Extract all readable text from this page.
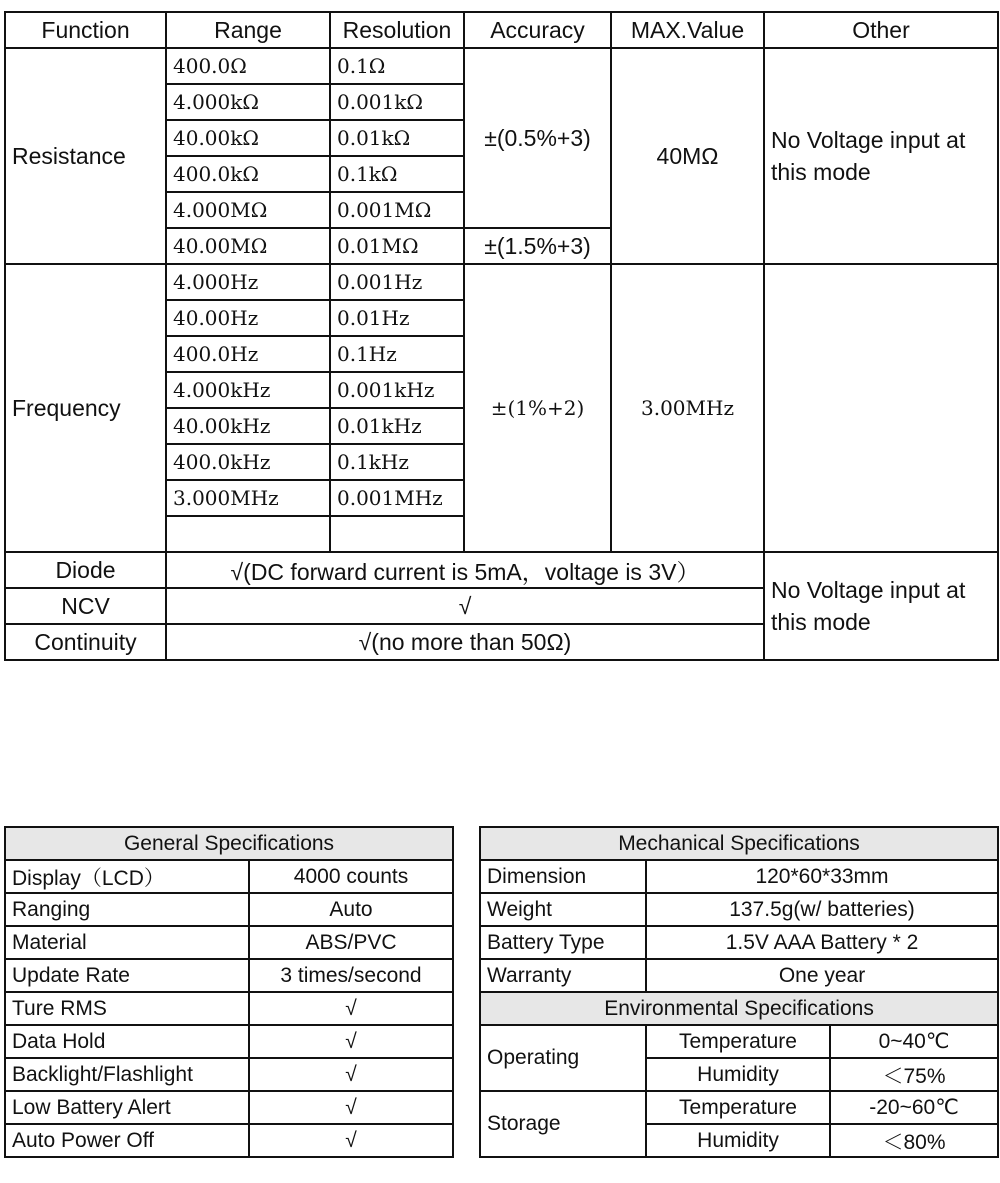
Function	Range	Resolution	Accuracy	MAX.Value	Other
Resistance	400.0Ω	0.1Ω	±(0.5%+3)	40MΩ	No Voltage input at this mode
	4.000kΩ	0.001kΩ			
	40.00kΩ	0.01kΩ			
	400.0kΩ	0.1kΩ			
	4.000MΩ	0.001MΩ			
	40.00MΩ	0.01MΩ	±(1.5%+3)		
Frequency	4.000Hz	0.001Hz	±(1%+2)	3.00MHz	
	40.00Hz	0.01Hz			
	400.0Hz	0.1Hz			
	4.000kHz	0.001kHz			
	40.00kHz	0.01kHz			
	400.0kHz	0.1kHz			
	3.000MHz	0.001MHz			

Diode	√(DC forward current is 5mA，voltage is 3V）				No Voltage input at this mode
NCV	√				
Continuity	√(no more than 50Ω)				
General Specifications	
Display（LCD）	4000 counts
Ranging	Auto
Material	ABS/PVC
Update Rate	3 times/second
Ture RMS	√
Data Hold	√
Backlight/Flashlight	√
Low Battery Alert	√
Auto Power Off	√
Mechanical Specifications		
Dimension	120*60*33mm	
Weight	137.5g(w/ batteries)	
Battery Type	1.5V AAA Battery * 2	
Warranty	One year	
Environmental Specifications		
Operating	Temperature	0~40℃
	Humidity	＜75%
Storage	Temperature	-20~60℃
	Humidity	＜80%
